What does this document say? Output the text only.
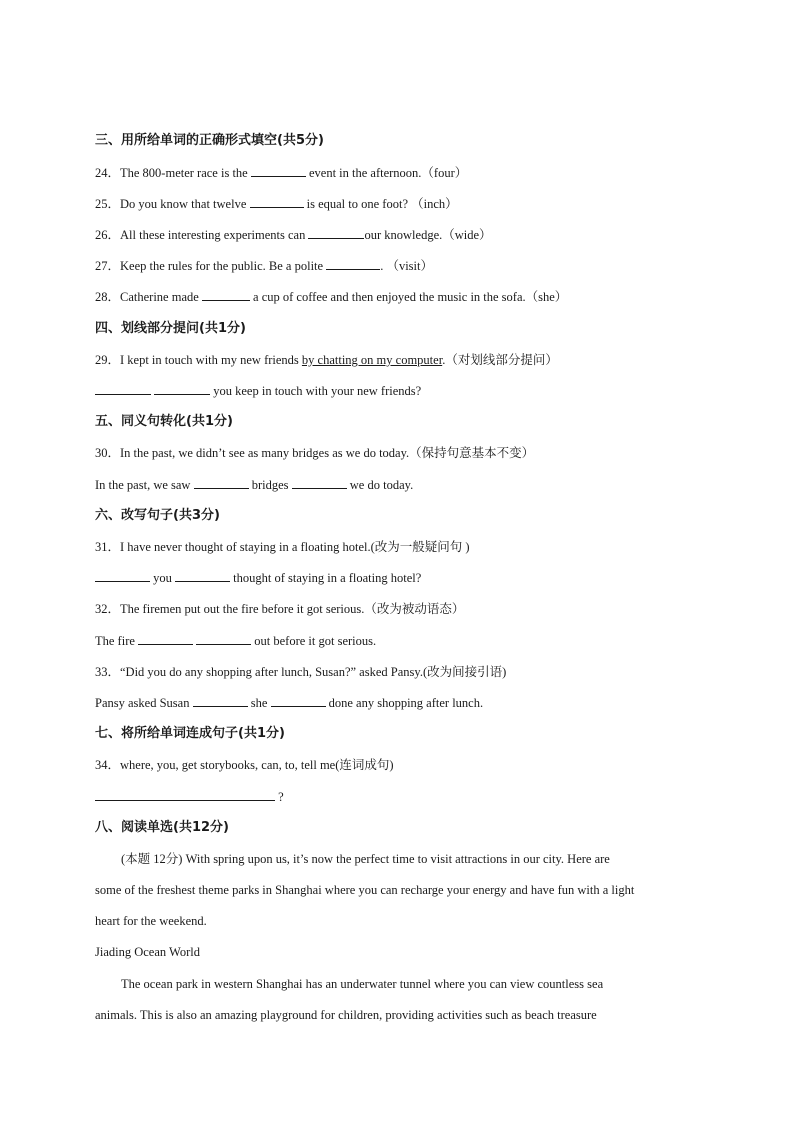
三、用所给单词的正确形式填空(共5分)
24．The 800-meter race is the	event in the afternoon.（four）
25．Do you know that twelve	is equal to one foot? （inch）
26．All these interesting experiments can	our knowledge.（wide）
27．Keep the rules for the public. Be a polite	. （visit）
28．Catherine made	a cup of coffee and then enjoyed the music in the sofa.（she）
四、划线部分提问(共1分)
29．I kept in touch with my new friends by chatting on my computer.（对划线部分提问）
you keep in touch with your new friends?
五、同义句转化(共1分)
30．In the past, we didn’t see as many bridges as we do today.（保持句意基本不变）
In the past, we saw	bridges	we do today.
六、改写句子(共3分)
31．I have never thought of staying in a floating hotel.(改为一般疑问句 )
you	thought of staying in a floating hotel?
32．The firemen put out the fire before it got serious.（改为被动语态）
The fire	out before it got serious.
33．“Did you do any shopping after lunch, Susan?” asked Pansy.(改为间接引语)
Pansy asked Susan	she	done any shopping after lunch.
七、将所给单词连成句子(共1分)
34．where, you, get storybooks, can, to, tell me(连词成句)
?
八、阅读单选(共12分)
(本题 12分) With spring upon us, it’s now the perfect time to visit attractions in our city. Here are
some of the freshest theme parks in Shanghai where you can recharge your energy and have fun with a light
heart for the weekend.
Jiading Ocean World
The ocean park in western Shanghai has an underwater tunnel where you can view countless sea
animals. This is also an amazing playground for children, providing activities such as beach treasure
